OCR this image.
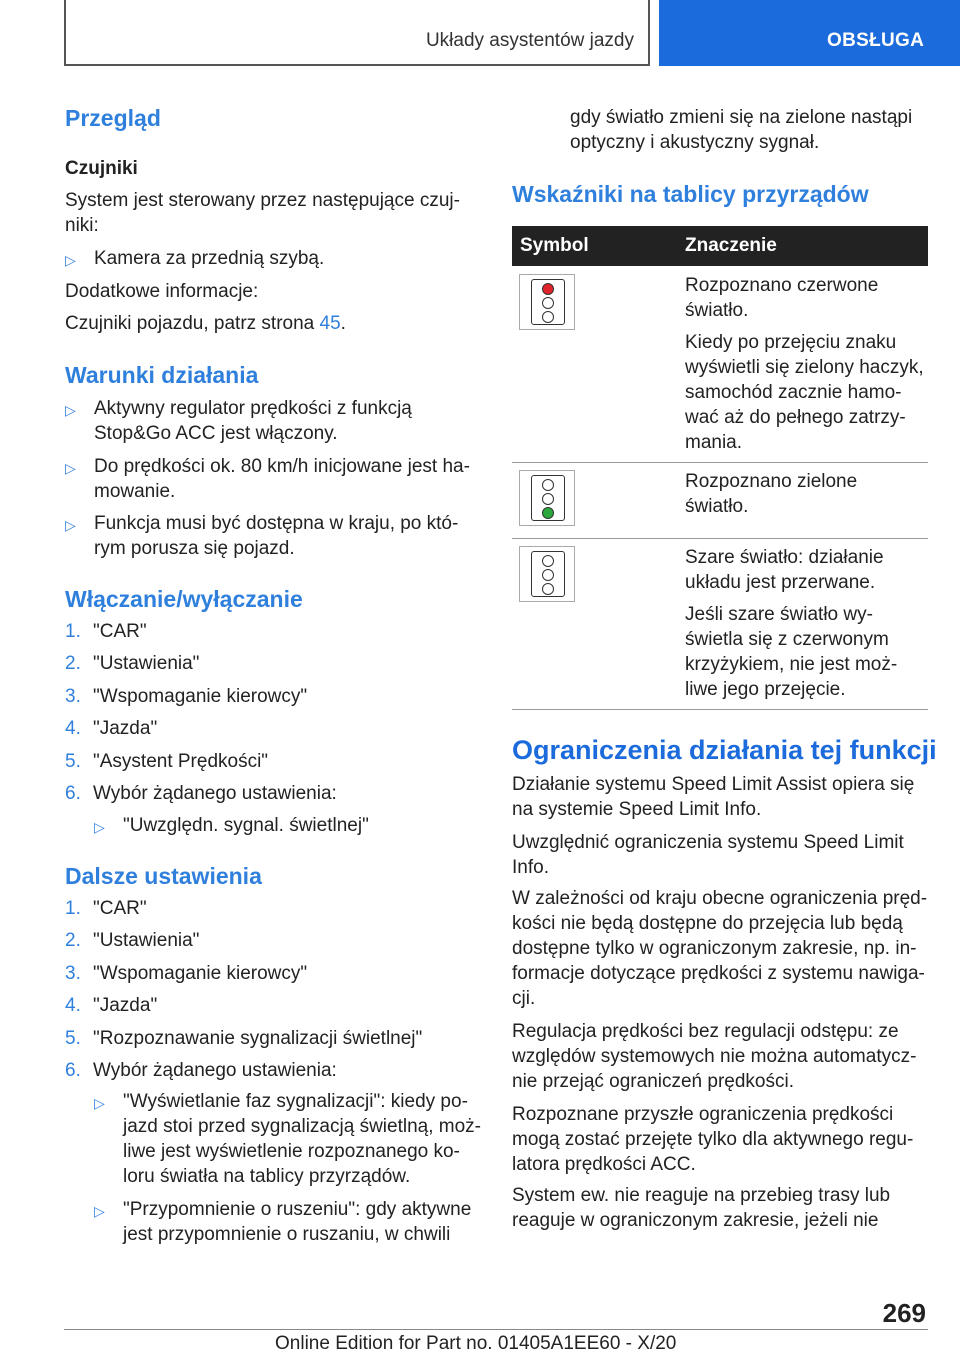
Układy asystentów jazdy	OBSŁUGA
Przegląd
Czujniki
System jest sterowany przez następujące czuj-
niki:
▷ Kamera za przednią szybą.
Dodatkowe informacje:
Czujniki pojazdu, patrz strona 45.
Warunki działania
▷ Aktywny regulator prędkości z funkcją
Stop&Go ACC jest włączony.
▷ Do prędkości ok. 80 km/h inicjowane jest ha-
mowanie.
▷ Funkcja musi być dostępna w kraju, po któ-
rym porusza się pojazd.
Włączanie/wyłączanie
1. "CAR"
2. "Ustawienia"
3. "Wspomaganie kierowcy"
4. "Jazda"
5. "Asystent Prędkości"
6. Wybór żądanego ustawienia:
▷ "Uwzględn. sygnal. świetlnej"
Dalsze ustawienia
1. "CAR"
2. "Ustawienia"
3. "Wspomaganie kierowcy"
4. "Jazda"
5. "Rozpoznawanie sygnalizacji świetlnej"
6. Wybór żądanego ustawienia:
▷ "Wyświetlanie faz sygnalizacji": kiedy po-
jazd stoi przed sygnalizacją świetlną, moż-
liwe jest wyświetlenie rozpoznanego ko-
loru światła na tablicy przyrządów.
▷ "Przypomnienie o ruszeniu": gdy aktywne
jest przypomnienie o ruszaniu, w chwili
gdy światło zmieni się na zielone nastąpi
optyczny i akustyczny sygnał.
Wskaźniki na tablicy przyrządów
Symbol	Znaczenie
Rozpoznano czerwone
światło.
Kiedy po przejęciu znaku
wyświetli się zielony haczyk,
samochód zacznie hamo-
wać aż do pełnego zatrzy-
mania.
Rozpoznano zielone
światło.
Szare światło: działanie
układu jest przerwane.
Jeśli szare światło wy-
świetla się z czerwonym
krzyżykiem, nie jest moż-
liwe jego przejęcie.
Ograniczenia działania tej funkcji
Działanie systemu Speed Limit Assist opiera się
na systemie Speed Limit Info.
Uwzględnić ograniczenia systemu Speed Limit
Info.
W zależności od kraju obecne ograniczenia pręd-
kości nie będą dostępne do przejęcia lub będą
dostępne tylko w ograniczonym zakresie, np. in-
formacje dotyczące prędkości z systemu nawiga-
cji.
Regulacja prędkości bez regulacji odstępu: ze
względów systemowych nie można automatycz-
nie przejąć ograniczeń prędkości.
Rozpoznane przyszłe ograniczenia prędkości
mogą zostać przejęte tylko dla aktywnego regu-
latora prędkości ACC.
System ew. nie reaguje na przebieg trasy lub
reaguje w ograniczonym zakresie, jeżeli nie
269
Online Edition for Part no. 01405A1EE60 - X/20
